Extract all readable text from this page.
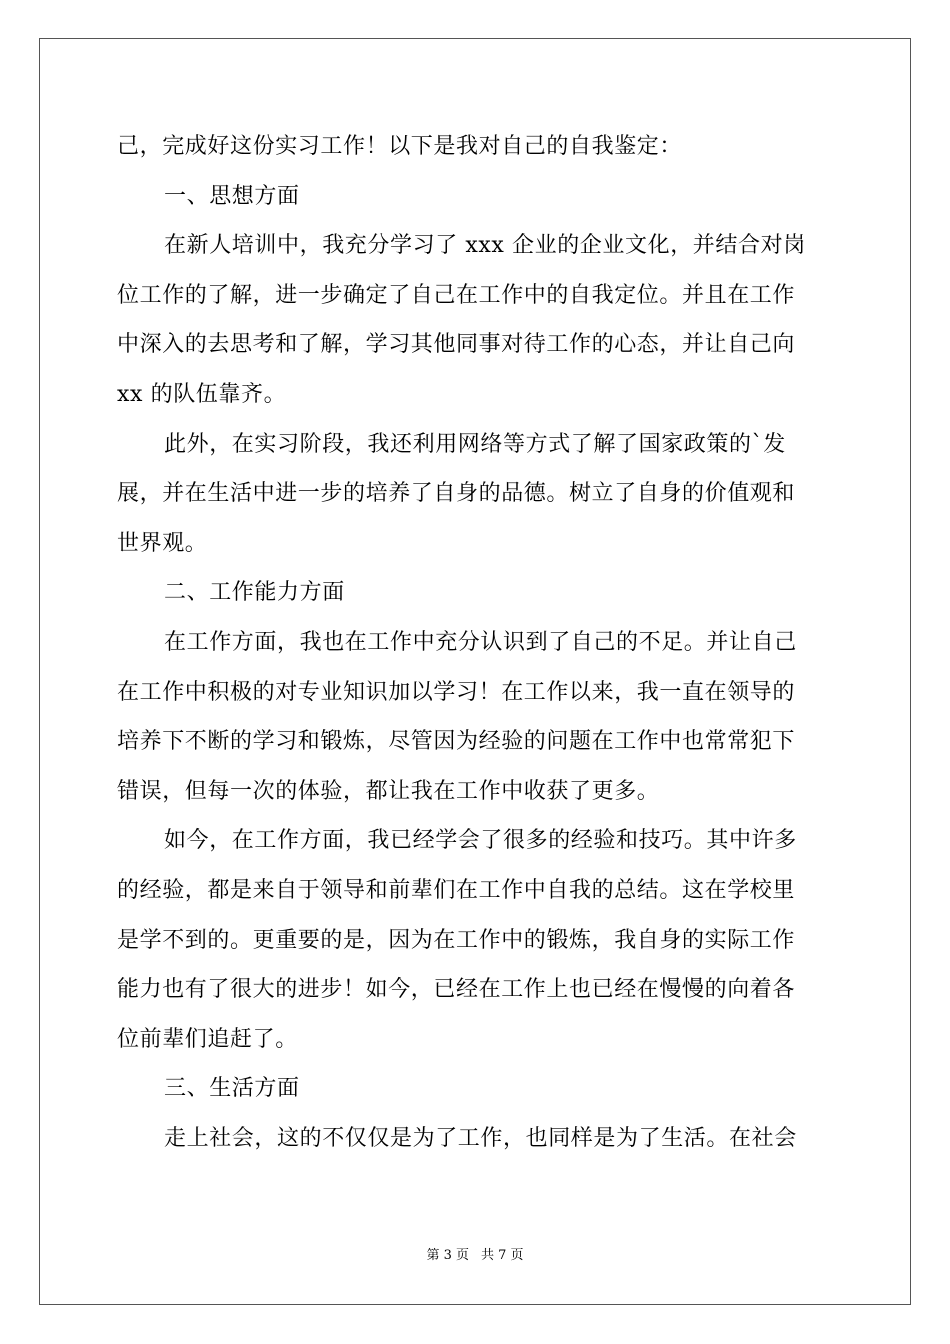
己，完成好这份实习工作！以下是我对自己的自我鉴定：
一、思想方面
在新人培训中，我充分学习了 xxx 企业的企业文化，并结合对岗
位工作的了解，进一步确定了自己在工作中的自我定位。并且在工作
中深入的去思考和了解，学习其他同事对待工作的心态，并让自己向
xx 的队伍靠齐。
此外，在实习阶段，我还利用网络等方式了解了国家政策的`发
展，并在生活中进一步的培养了自身的品德。树立了自身的价值观和
世界观。
二、工作能力方面
在工作方面，我也在工作中充分认识到了自己的不足。并让自己
在工作中积极的对专业知识加以学习！在工作以来，我一直在领导的
培养下不断的学习和锻炼，尽管因为经验的问题在工作中也常常犯下
错误，但每一次的体验，都让我在工作中收获了更多。
如今，在工作方面，我已经学会了很多的经验和技巧。其中许多
的经验，都是来自于领导和前辈们在工作中自我的总结。这在学校里
是学不到的。更重要的是，因为在工作中的锻炼，我自身的实际工作
能力也有了很大的进步！如今，已经在工作上也已经在慢慢的向着各
位前辈们追赶了。
三、生活方面
走上社会，这的不仅仅是为了工作，也同样是为了生活。在社会
第 3 页 共 7 页
